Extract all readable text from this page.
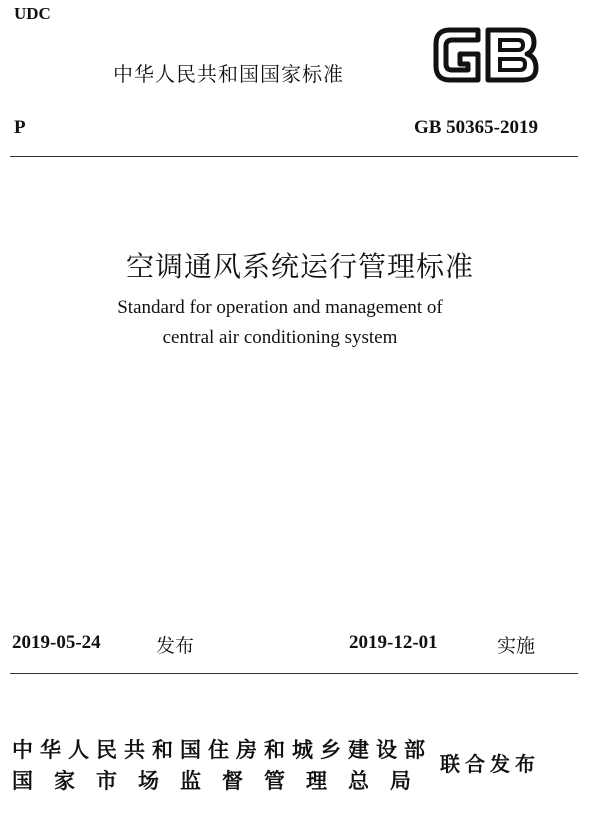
UDC
中华人民共和国国家标准
P	GB 50365-2019
空调通风系统运行管理标准
Standard for operation and management of
central air conditioning system
2019-05-24	发布	2019-12-01	实施
中华人民共和国住房和城乡建设部
国家市场监督管理总局
联合发布
